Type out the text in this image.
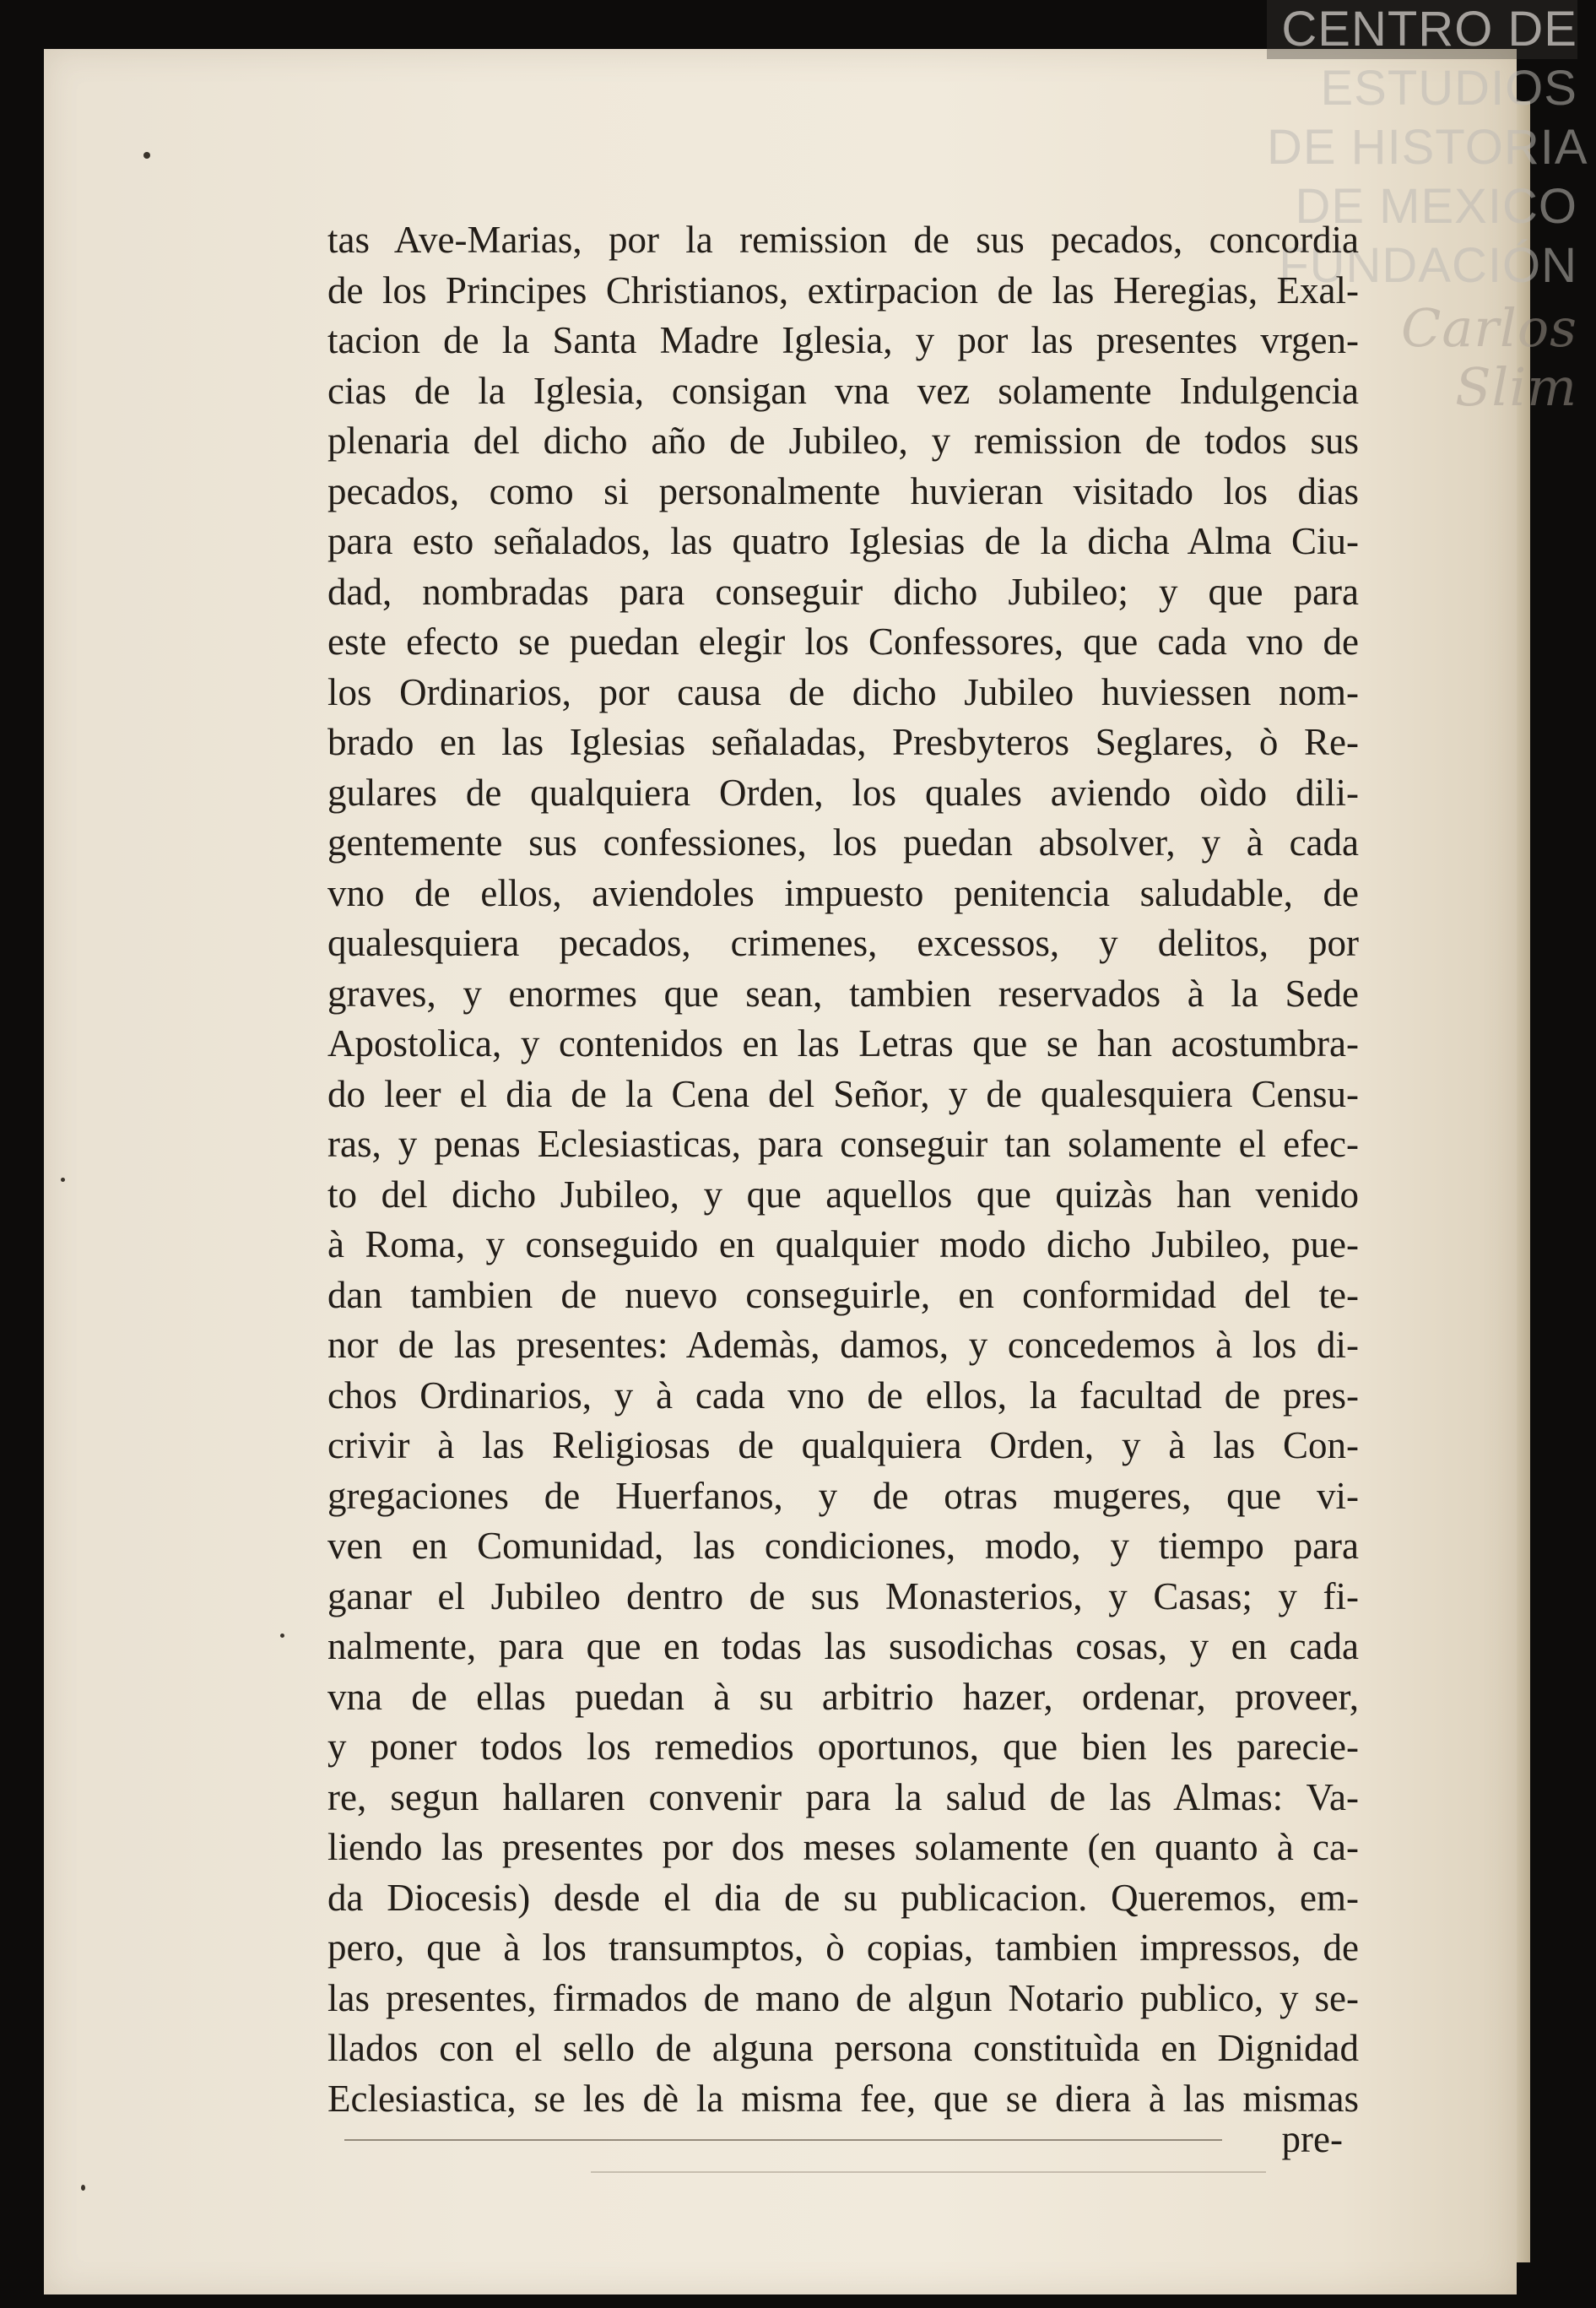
CENTRO DE
ESTUDIOS
DE HISTORIA
DE MEXICO
FUNDACIÓN
Carlos Slim
tas Ave-Marias, por la remission de sus pecados, concordia
de los Principes Christianos, extirpacion de las Heregias, Exal-
tacion de la Santa Madre Iglesia, y por las presentes vrgen-
cias de la Iglesia, consigan vna vez solamente Indulgencia
plenaria del dicho año de Jubileo, y remission de todos sus
pecados, como si personalmente huvieran visitado los dias
para esto señalados, las quatro Iglesias de la dicha Alma Ciu-
dad, nombradas para conseguir dicho Jubileo; y que para
este efecto se puedan elegir los Confessores, que cada vno de
los Ordinarios, por causa de dicho Jubileo huviessen nom-
brado en las Iglesias señaladas, Presbyteros Seglares, ò Re-
gulares de qualquiera Orden, los quales aviendo oìdo dili-
gentemente sus confessiones, los puedan absolver, y à cada
vno de ellos, aviendoles impuesto penitencia saludable, de
qualesquiera pecados, crimenes, excessos, y delitos, por
graves, y enormes que sean, tambien reservados à la Sede
Apostolica, y contenidos en las Letras que se han acostumbra-
do leer el dia de la Cena del Señor, y de qualesquiera Censu-
ras, y penas Eclesiasticas, para conseguir tan solamente el efec-
to del dicho Jubileo, y que aquellos que quizàs han venido
à Roma, y conseguido en qualquier modo dicho Jubileo, pue-
dan tambien de nuevo conseguirle, en conformidad del te-
nor de las presentes: Ademàs, damos, y concedemos à los di-
chos Ordinarios, y à cada vno de ellos, la facultad de pres-
crivir à las Religiosas de qualquiera Orden, y à las Con-
gregaciones de Huerfanos, y de otras mugeres, que vi-
ven en Comunidad, las condiciones, modo, y tiempo para
ganar el Jubileo dentro de sus Monasterios, y Casas; y fi-
nalmente, para que en todas las susodichas cosas, y en cada
vna de ellas puedan à su arbitrio hazer, ordenar, proveer,
y poner todos los remedios oportunos, que bien les parecie-
re, segun hallaren convenir para la salud de las Almas: Va-
liendo las presentes por dos meses solamente (en quanto à ca-
da Diocesis) desde el dia de su publicacion. Queremos, em-
pero, que à los transumptos, ò copias, tambien impressos, de
las presentes, firmados de mano de algun Notario publico, y se-
llados con el sello de alguna persona constituìda en Dignidad
Eclesiastica, se les dè la misma fee, que se diera à las mismas
pre-
